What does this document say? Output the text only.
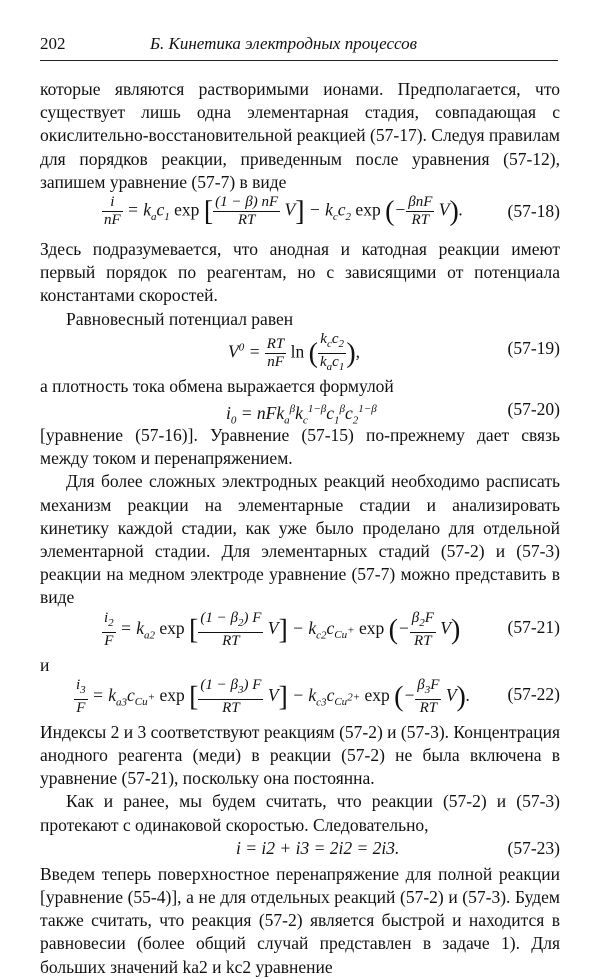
202	Б. Кинетика электродных процессов

которые являются растворимыми ионами. Предполагается, что существует лишь одна элементарная стадия, совпадающая с окислительно-восстановительной реакцией (57-17). Следуя правилам для порядков реакции, приведенным после уравнения (57-12), запишем уравнение (57-7) в виде

$\frac{i}{nF} = k_ac_1$ exp [ $\frac{(1 - \beta) nF}{RT} V] - k_cc_2$ exp (− $\frac{\text{βnF}}{RT} V$).	(57-18)

Здесь подразумевается, что анодная и катодная реакции имеют первый порядок по реагентам, но с зависящими от потенциала константами скоростей.

Равновесный потенциал равен

$V^0 = \frac{RT}{nF}$ ln ( $\frac{k_cc_2}{k_ac_1}$ ),	(57-19)

а плотность тока обмена выражается формулой

$i_0 = nFk_a^\beta k_c^{1-\beta}c_1^\beta c_2^{1-\beta}$	(57-20)

[уравнение (57-16)]. Уравнение (57-15) по-прежнему дает связь между током и перенапряжением.

Для более сложных электродных реакций необходимо расписать механизм реакции на элементарные стадии и анализировать кинетику каждой стадии, как уже было проделано для отдельной элементарной стадии. Для элементарных стадий (57-2) и (57-3) реакции на медном электроде уравнение (57-7) можно представить в виде

$\frac{i_2}{F} = k_{a2}$ exp [ $\frac{(1 - \beta_2) F}{RT} V] - k_{c2}c_{Cu^+}$ exp (− $\frac{\beta_2F}{RT} V$)	(57-21)

и

$\frac{i_3}{F} = k_{a3}c_{Cu^+}$ exp [ $\frac{(1 - \beta_3) F}{RT} V] - k_{c3}c_{Cu^{2+}}$ exp (− $\frac{\beta_3F}{RT} V$). (57-22)

Индексы 2 и 3 соответствуют реакциям (57-2) и (57-3). Концентрация анодного реагента (меди) в реакции (57-2) не была включена в уравнение (57-21), поскольку она постоянна.

Как и ранее, мы будем считать, что реакции (57-2) и (57-3) протекают с одинаковой скоростью. Следовательно,

i = i2 + i3 = 2i2 = 2i3.	(57-23)

Введем теперь поверхностное перенапряжение для полной реакции [уравнение (55-4)], а не для отдельных реакций (57-2) и (57-3). Будем также считать, что реакция (57-2) является быстрой и находится в равновесии (более общий случай представлен в задаче 1). Для больших значений ka2 и kc2 уравнение
